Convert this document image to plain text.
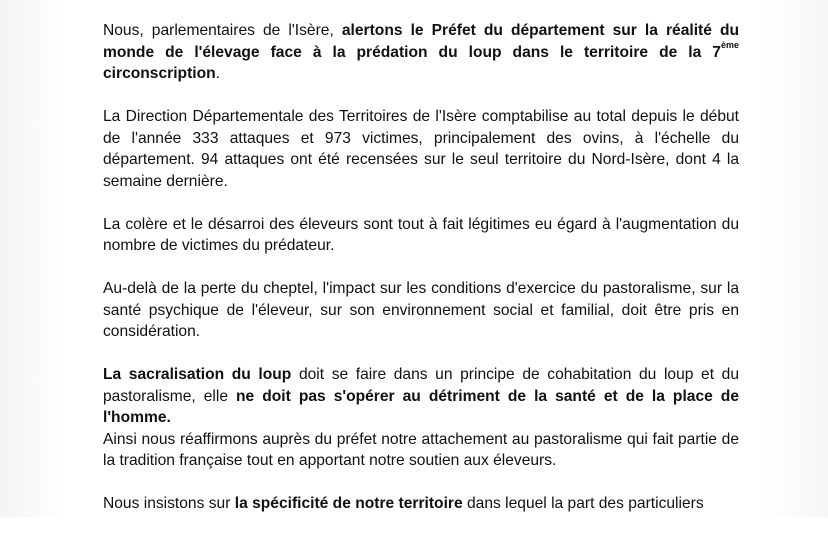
Nous, parlementaires de l'Isère, alertons le Préfet du département sur la réalité du monde de l'élevage face à la prédation du loup dans le territoire de la 7ème circonscription.

La Direction Départementale des Territoires de l'Isère comptabilise au total depuis le début de l'année 333 attaques et 973 victimes, principalement des ovins, à l'échelle du département. 94 attaques ont été recensées sur le seul territoire du Nord-Isère, dont 4 la semaine dernière.

La colère et le désarroi des éleveurs sont tout à fait légitimes eu égard à l'augmentation du nombre de victimes du prédateur.

Au-delà de la perte du cheptel, l'impact sur les conditions d'exercice du pastoralisme, sur la santé psychique de l'éleveur, sur son environnement social et familial, doit être pris en considération.

La sacralisation du loup doit se faire dans un principe de cohabitation du loup et du pastoralisme, elle ne doit pas s'opérer au détriment de la santé et de la place de l'homme.

Ainsi nous réaffirmons auprès du préfet notre attachement au pastoralisme qui fait partie de la tradition française tout en apportant notre soutien aux éleveurs.

Nous insistons sur la spécificité de notre territoire dans lequel la part des particuliers
